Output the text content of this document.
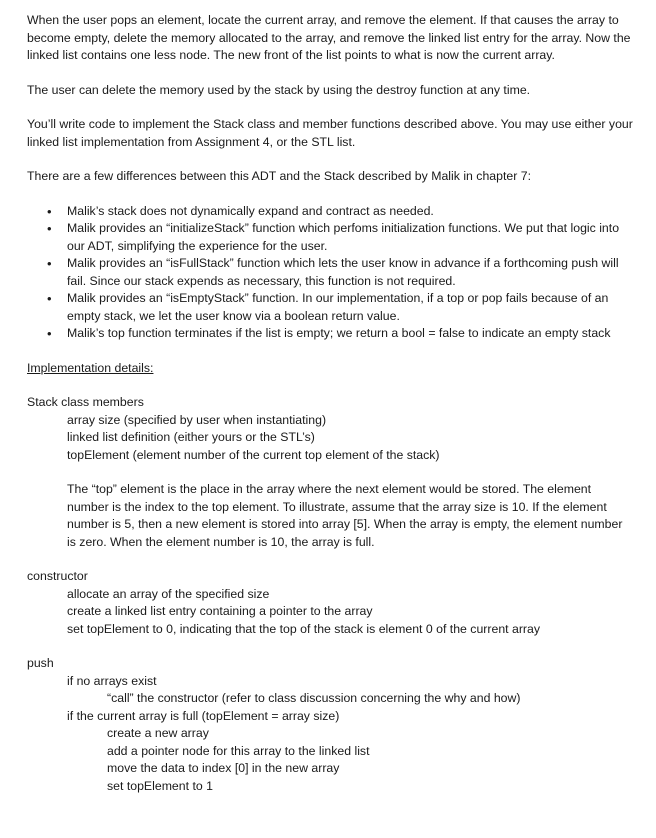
When the user pops an element, locate the current array, and remove the element. If that causes the array to become empty, delete the memory allocated to the array, and remove the linked list entry for the array. Now the linked list contains one less node. The new front of the list points to what is now the current array.

The user can delete the memory used by the stack by using the destroy function at any time.

You’ll write code to implement the Stack class and member functions described above. You may use either your linked list implementation from Assignment 4, or the STL list.

There are a few differences between this ADT and the Stack described by Malik in chapter 7:

• Malik’s stack does not dynamically expand and contract as needed.
• Malik provides an “initializeStack” function which perfoms initialization functions. We put that logic into our ADT, simplifying the experience for the user.
• Malik provides an “isFullStack” function which lets the user know in advance if a forthcoming push will fail. Since our stack expends as necessary, this function is not required.
• Malik provides an “isEmptyStack” function. In our implementation, if a top or pop fails because of an empty stack, we let the user know via a boolean return value.
• Malik’s top function terminates if the list is empty; we return a bool = false to indicate an empty stack

Implementation details:

Stack class members

array size (specified by user when instantiating)

linked list definition (either yours or the STL’s)

topElement (element number of the current top element of the stack)

The “top” element is the place in the array where the next element would be stored. The element number is the index to the top element. To illustrate, assume that the array size is 10. If the element number is 5, then a new element is stored into array [5]. When the array is empty, the element number is zero. When the element number is 10, the array is full.

constructor

allocate an array of the specified size

create a linked list entry containing a pointer to the array

set topElement to 0, indicating that the top of the stack is element 0 of the current array

push

if no arrays exist

“call” the constructor (refer to class discussion concerning the why and how)

if the current array is full (topElement = array size)

create a new array

add a pointer node for this array to the linked list

move the data to index [0] in the new array

set topElement to 1
